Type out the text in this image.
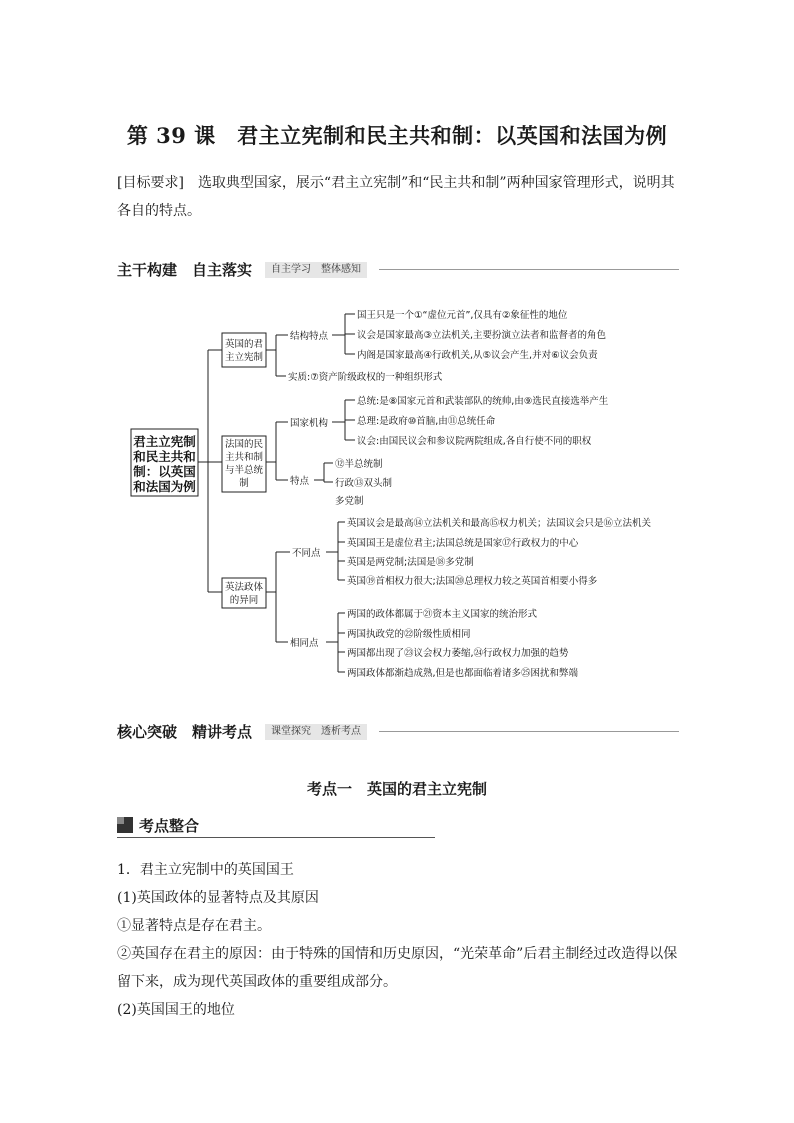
第 39 课　君主立宪制和民主共和制：以英国和法国为例
[目标要求] 选取典型国家，展示“君主立宪制”和“民主共和制”两种国家管理形式，说明其各自的特点。
主干构建　自主落实	自主学习　整体感知
君主立宪制
和民主共和
制：以英国
和法国为例
英国的君
主立宪制
法国的民
主共和制
与半总统
制
英法政体
的异同
结构特点
国王只是一个①“虚位元首”,仅具有②象征性的地位
议会是国家最高③立法机关,主要扮演立法者和监督者的角色
内阁是国家最高④行政机关,从⑤议会产生,并对⑥议会负责
实质:⑦资产阶级政权的一种组织形式
国家机构
总统:是⑧国家元首和武装部队的统帅,由⑨选民直接选举产生
总理:是政府⑩首脑,由⑪总统任命
议会:由国民议会和参议院两院组成,各自行使不同的职权
特点
⑫半总统制
行政⑬双头制
多党制
不同点
英国议会是最高⑭立法机关和最高⑮权力机关；法国议会只是⑯立法机关
英国国王是虚位君主;法国总统是国家⑰行政权力的中心
英国是两党制;法国是⑱多党制
英国⑲首相权力很大;法国⑳总理权力较之英国首相要小得多
相同点
两国的政体都属于㉑资本主义国家的统治形式
两国执政党的㉒阶级性质相同
两国都出现了㉓议会权力萎缩,㉔行政权力加强的趋势
两国政体都渐趋成熟,但是也都面临着诸多㉕困扰和弊端
核心突破　精讲考点	课堂探究　透析考点
考点一　英国的君主立宪制
考点整合
1．君主立宪制中的英国国王
(1)英国政体的显著特点及其原因
①显著特点是存在君主。
②英国存在君主的原因：由于特殊的国情和历史原因，“光荣革命”后君主制经过改造得以保留下来，成为现代英国政体的重要组成部分。
(2)英国国王的地位
